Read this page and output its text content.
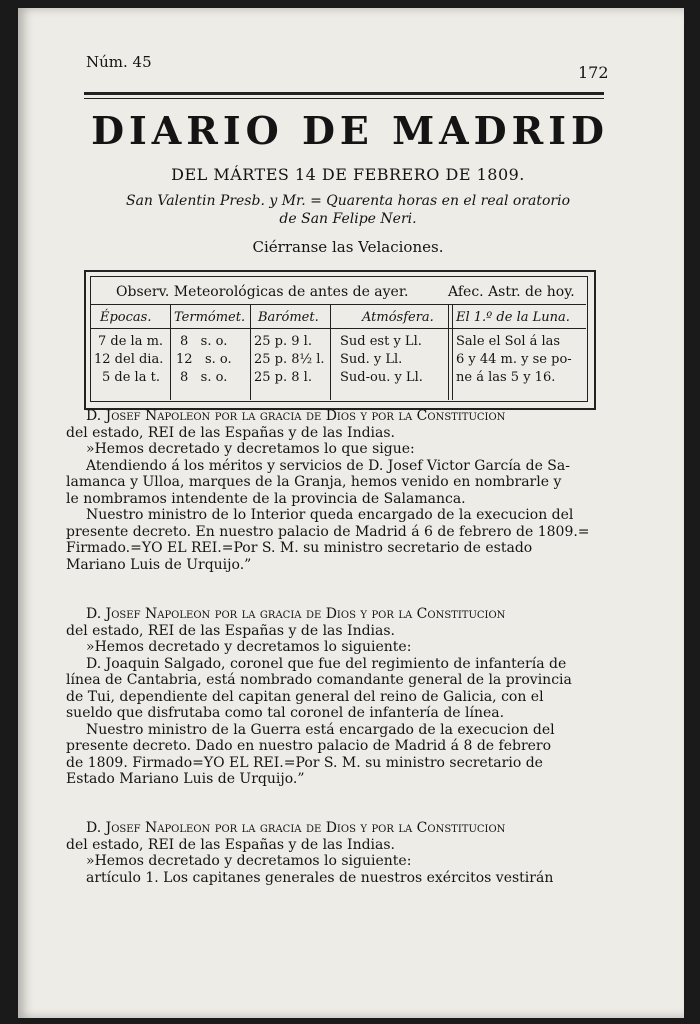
Núm. 45
172
DIARIO DE MADRID
DEL MÁRTES 14 DE FEBRERO DE 1809.
San Valentin Presb. y Mr. = Quarenta horas en el real oratorio
de San Felipe Neri.
Ciérranse las Velaciones.
Observ. Meteorológicas de antes de ayer.	Afec. Astr. de hoy.
Épocas. Termómet. Barómet.	Atmósfera. El 1.º de la Luna.
7 de la m. 8   s. o. 25 p. 9 l. Sud est y Ll.
12 del dia. 12   s. o. 25 p. 8½ l. Sud. y Ll.
5 de la t. 8   s. o. 25 p. 8 l. Sud-ou. y Ll.
Sale el Sol á las
6 y 44 m. y se po-
ne á las 5 y 16.

D. Josef Napoleon por la gracia de Dios y por la Constitucion

del estado, REI de las Españas y de las Indias.

»Hemos decretado y decretamos lo que sigue:

Atendiendo á los méritos y servicios de D. Josef Victor García de Sa-

lamanca y Ulloa, marques de la Granja, hemos venido en nombrarle y

le nombramos intendente de la provincia de Salamanca.

Nuestro ministro de lo Interior queda encargado de la execucion del

presente decreto. En nuestro palacio de Madrid á 6 de febrero de 1809.=

Firmado.=YO EL REI.=Por S. M. su ministro secretario de estado

Mariano Luis de Urquijo.”

D. Josef Napoleon por la gracia de Dios y por la Constitucion

del estado, REI de las Españas y de las Indias.

»Hemos decretado y decretamos lo siguiente:

D. Joaquin Salgado, coronel que fue del regimiento de infantería de

línea de Cantabria, está nombrado comandante general de la provincia

de Tui, dependiente del capitan general del reino de Galicia, con el

sueldo que disfrutaba como tal coronel de infantería de línea.

Nuestro ministro de la Guerra está encargado de la execucion del

presente decreto. Dado en nuestro palacio de Madrid á 8 de febrero

de 1809. Firmado=YO EL REI.=Por S. M. su ministro secretario de

Estado Mariano Luis de Urquijo.”

D. Josef Napoleon por la gracia de Dios y por la Constitucion

del estado, REI de las Españas y de las Indias.

»Hemos decretado y decretamos lo siguiente:

artículo 1. Los capitanes generales de nuestros exércitos vestirán
